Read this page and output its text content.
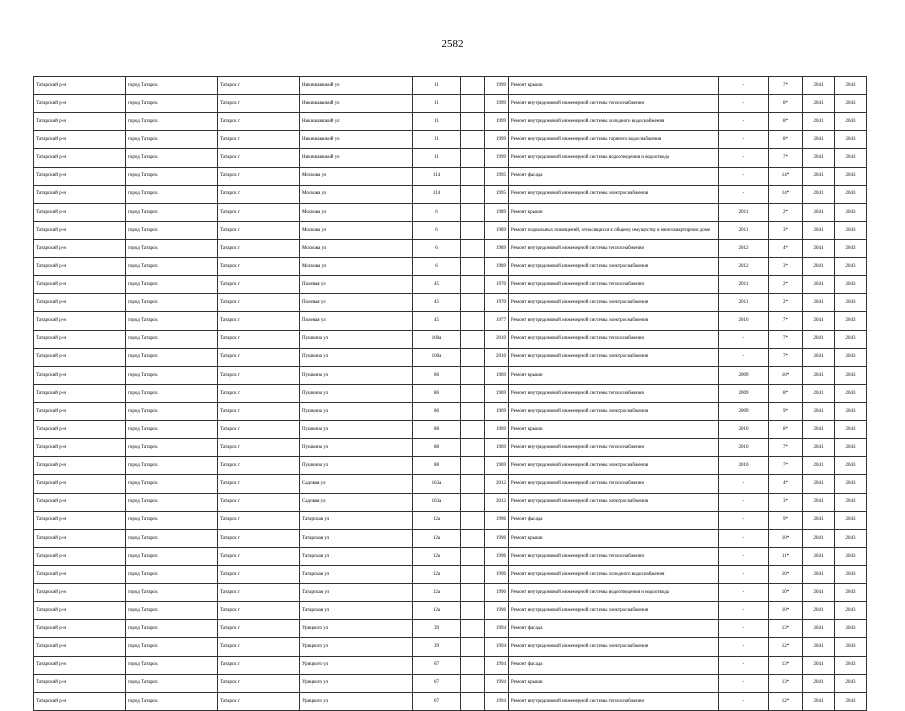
2582
Татарский р-н	город Татарск	Татарск г	Никишавшкий ул	11		1999	Ремонт крыши	-	7*	2041	2043
Татарский р-н	город Татарск	Татарск г	Никишавшкий ул	11		1999	Ремонт внутридомовой инженерной системы теплоснабжения	-	8*	2041	2043
Татарский р-н	город Татарск	Татарск г	Никишавшкий ул	11		1999	Ремонт внутридомовой инженерной системы холодного водоснабжения	-	8*	2041	2043
Татарский р-н	город Татарск	Татарск г	Никишавшкий ул	11		1999	Ремонт внутридомовой инженерной системы горячего водоснабжения	-	8*	2041	2043
Татарский р-н	город Татарск	Татарск г	Никишавшкий ул	11		1999	Ремонт внутридомовой инженерной системы водоотведения и водоотвода	-	7*	2041	2043
Татарский р-н	город Татарск	Татарск г	Москова ул	114		1995	Ремонт фасада	-	14*	2041	2043
Татарский р-н	город Татарск	Татарск г	Москова ул	114		1995	Ремонт внутридомовой инженерной системы электроснабжения	-	14*	2041	2043
Татарский р-н	город Татарск	Татарск г	Москова ул	6		1989	Ремонт крыши	2011	2*	2041	2043
Татарский р-н	город Татарск	Татарск г	Москова ул	6		1989	Ремонт подвальных помещений, относящихся к общему имуществу в многоквартирном доме	2011	3*	2041	2043
Татарский р-н	город Татарск	Татарск г	Москова ул	6		1989	Ремонт внутридомовой инженерной системы теплоснабжения	2012	4*	2041	2043
Татарский р-н	город Татарск	Татарск г	Москова ул	6		1989	Ремонт внутридомовой инженерной системы электроснабжения	2012	3*	2041	2043
Татарский р-н	город Татарск	Татарск г	Полевая ул	45		1970	Ремонт внутридомовой инженерной системы теплоснабжения	2011	2*	2041	2043
Татарский р-н	город Татарск	Татарск г	Полевая ул	45		1970	Ремонт внутридомовой инженерной системы электроснабжения	2011	2*	2041	2043
Татарский р-н	город Татарск	Татарск г	Полевая ул	45		1977	Ремонт внутридомовой инженерной системы электроснабжения	2010	7*	2041	2043
Татарский р-н	город Татарск	Татарск г	Пушкина ул	160а		2010	Ремонт внутридомовой инженерной системы теплоснабжения	-	7*	2041	2043
Татарский р-н	город Татарск	Татарск г	Пушкина ул	160а		2010	Ремонт внутридомовой инженерной системы электроснабжения	-	7*	2041	2043
Татарский р-н	город Татарск	Татарск г	Пушкина ул	86		1969	Ремонт крыши	2009	10*	2041	2043
Татарский р-н	город Татарск	Татарск г	Пушкина ул	86		1969	Ремонт внутридомовой инженерной системы теплоснабжения	2009	8*	2041	2043
Татарский р-н	город Татарск	Татарск г	Пушкина ул	86		1969	Ремонт внутридомовой инженерной системы электроснабжения	2009	9*	2041	2043
Татарский р-н	город Татарск	Татарск г	Пушкина ул	88		1969	Ремонт крыши	2010	8*	2041	2043
Татарский р-н	город Татарск	Татарск г	Пушкина ул	88		1969	Ремонт внутридомовой инженерной системы теплоснабжения	2010	7*	2041	2043
Татарский р-н	город Татарск	Татарск г	Пушкина ул	88		1969	Ремонт внутридомовой инженерной системы электроснабжения	2010	7*	2041	2043
Татарский р-н	город Татарск	Татарск г	Садовая ул	163а		2012	Ремонт внутридомовой инженерной системы теплоснабжения	-	4*	2041	2043
Татарский р-н	город Татарск	Татарск г	Садовая ул	163а		2012	Ремонт внутридомовой инженерной системы электроснабжения	-	3*	2041	2043
Татарский р-н	город Татарск	Татарск г	Татарская ул	12а		1996	Ремонт фасада	-	9*	2041	2043
Татарский р-н	город Татарск	Татарск г	Татарская ул	12а		1996	Ремонт крыши	-	10*	2041	2043
Татарский р-н	город Татарск	Татарск г	Татарская ул	12а		1996	Ремонт внутридомовой инженерной системы теплоснабжения	-	11*	2041	2043
Татарский р-н	город Татарск	Татарск г	Татарская ул	12а		1996	Ремонт внутридомовой инженерной системы холодного водоснабжения	-	10*	2041	2043
Татарский р-н	город Татарск	Татарск г	Татарская ул	12а		1996	Ремонт внутридомовой инженерной системы водоотведения и водоотвода	-	10*	2041	2043
Татарский р-н	город Татарск	Татарск г	Татарская ул	12а		1996	Ремонт внутридомовой инженерной системы электроснабжения	-	10*	2041	2043
Татарский р-н	город Татарск	Татарск г	Урицкого ул	39		1994	Ремонт фасада	-	13*	2041	2043
Татарский р-н	город Татарск	Татарск г	Урицкого ул	39		1994	Ремонт внутридомовой инженерной системы электроснабжения	-	12*	2041	2043
Татарский р-н	город Татарск	Татарск г	Урицкого ул	67		1994	Ремонт фасада	-	13*	2041	2043
Татарский р-н	город Татарск	Татарск г	Урицкого ул	67		1994	Ремонт крыши	-	13*	2041	2043
Татарский р-н	город Татарск	Татарск г	Урицкого ул	67		1994	Ремонт внутридомовой инженерной системы теплоснабжения	-	12*	2041	2043
